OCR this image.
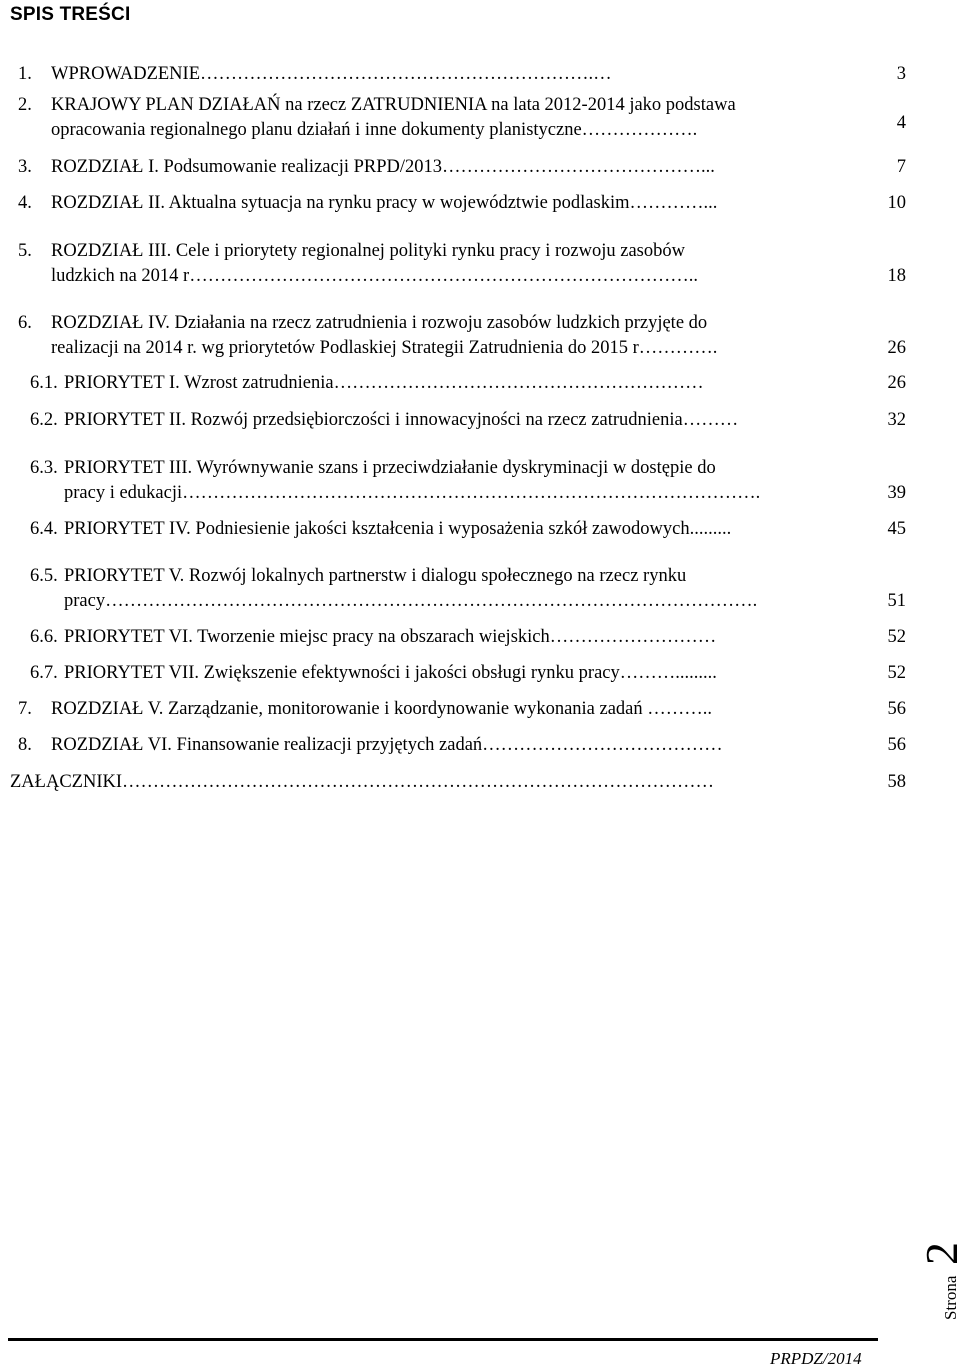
SPIS TREŚCI
1. WPROWADZENIE……………………………………………………….…	3
2. KRAJOWY PLAN DZIAŁAŃ na rzecz ZATRUDNIENIA na lata 2012-2014 jako podstawa
opracowania regionalnego planu działań i inne dokumenty planistyczne……………….	4
3. ROZDZIAŁ I. Podsumowanie realizacji PRPD/2013……………………………………...	7
4. ROZDZIAŁ II. Aktualna sytuacja na rynku pracy w województwie podlaskim…………...	10
5. ROZDZIAŁ III. Cele i priorytety regionalnej polityki rynku pracy i rozwoju zasobów
ludzkich na 2014 r………………………………………………………………………..	18
6. ROZDZIAŁ IV. Działania na rzecz zatrudnienia i rozwoju zasobów ludzkich przyjęte do
realizacji na 2014 r. wg priorytetów Podlaskiej Strategii Zatrudnienia do 2015 r………….	26
6.1. PRIORYTET I. Wzrost zatrudnienia……………………………………………………	26
6.2. PRIORYTET II. Rozwój przedsiębiorczości i innowacyjności na rzecz zatrudnienia………	32
6.3. PRIORYTET III. Wyrównywanie szans i przeciwdziałanie dyskryminacji w dostępie do
pracy i edukacji………………………………………………………………………………….	39
6.4. PRIORYTET IV. Podniesienie jakości kształcenia i wyposażenia szkół zawodowych.........	45
6.5. PRIORYTET V. Rozwój lokalnych partnerstw i dialogu społecznego na rzecz rynku
pracy…………………………………………………………………………………………….	51
6.6. PRIORYTET VI. Tworzenie miejsc pracy na obszarach wiejskich………………………	52
6.7. PRIORYTET VII. Zwiększenie efektywności i jakości obsługi rynku pracy……….........	52
7. ROZDZIAŁ V. Zarządzanie, monitorowanie i koordynowanie wykonania zadań ………..	56
8. ROZDZIAŁ VI. Finansowanie realizacji przyjętych zadań…………………………………	56
ZAŁĄCZNIKI……………………………………………………………………………………	58
Strona
2
PRPDZ/2014
